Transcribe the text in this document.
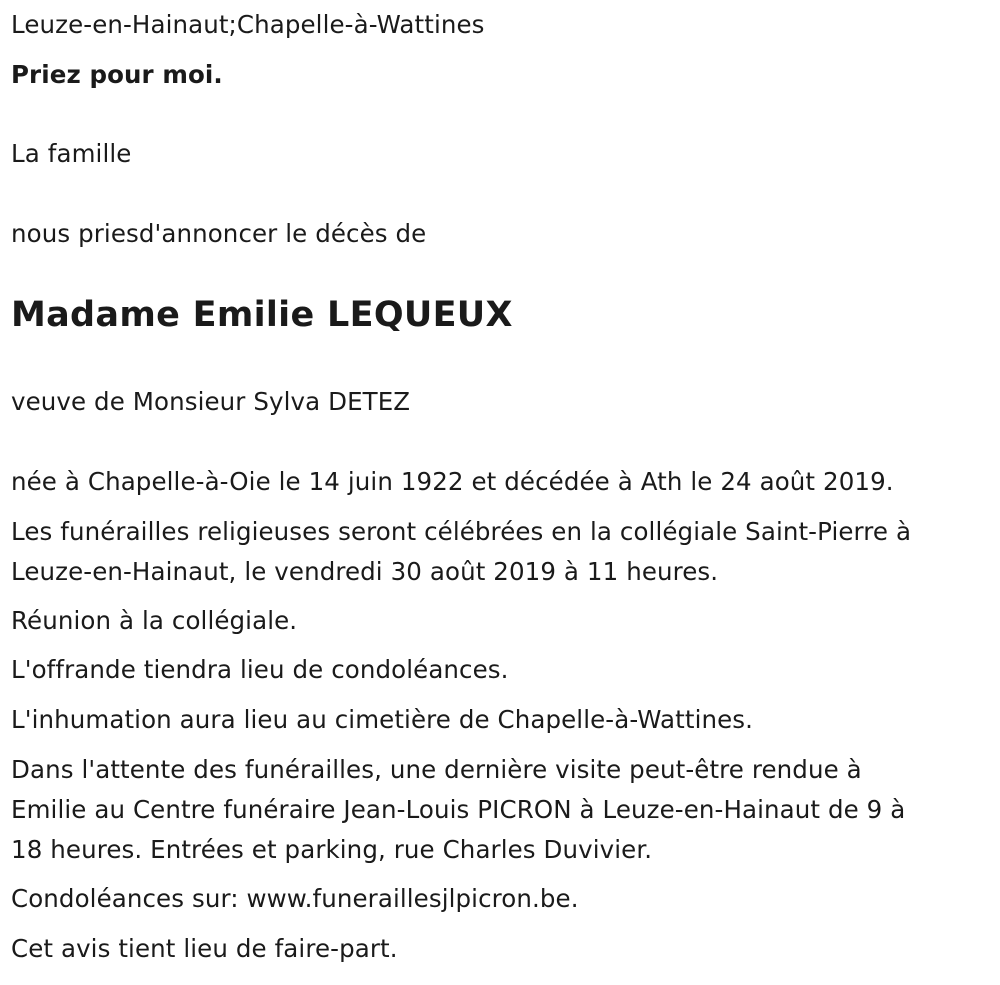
Leuze-en-Hainaut;Chapelle-à-Wattines
Priez pour moi.
La famille
nous priesd'annoncer le décès de
Madame Emilie LEQUEUX
veuve de Monsieur Sylva DETEZ
née à Chapelle-à-Oie le 14 juin 1922 et décédée à Ath le 24 août 2019.
Les funérailles religieuses seront célébrées en la collégiale Saint-Pierre à
Leuze-en-Hainaut, le vendredi 30 août 2019 à 11 heures.
Réunion à la collégiale.
L'offrande tiendra lieu de condoléances.
L'inhumation aura lieu au cimetière de Chapelle-à-Wattines.
Dans l'attente des funérailles, une dernière visite peut-être rendue à
Emilie au Centre funéraire Jean-Louis PICRON à Leuze-en-Hainaut de 9 à
18 heures. Entrées et parking, rue Charles Duvivier.
Condoléances sur: www.funeraillesjlpicron.be.
Cet avis tient lieu de faire-part.
